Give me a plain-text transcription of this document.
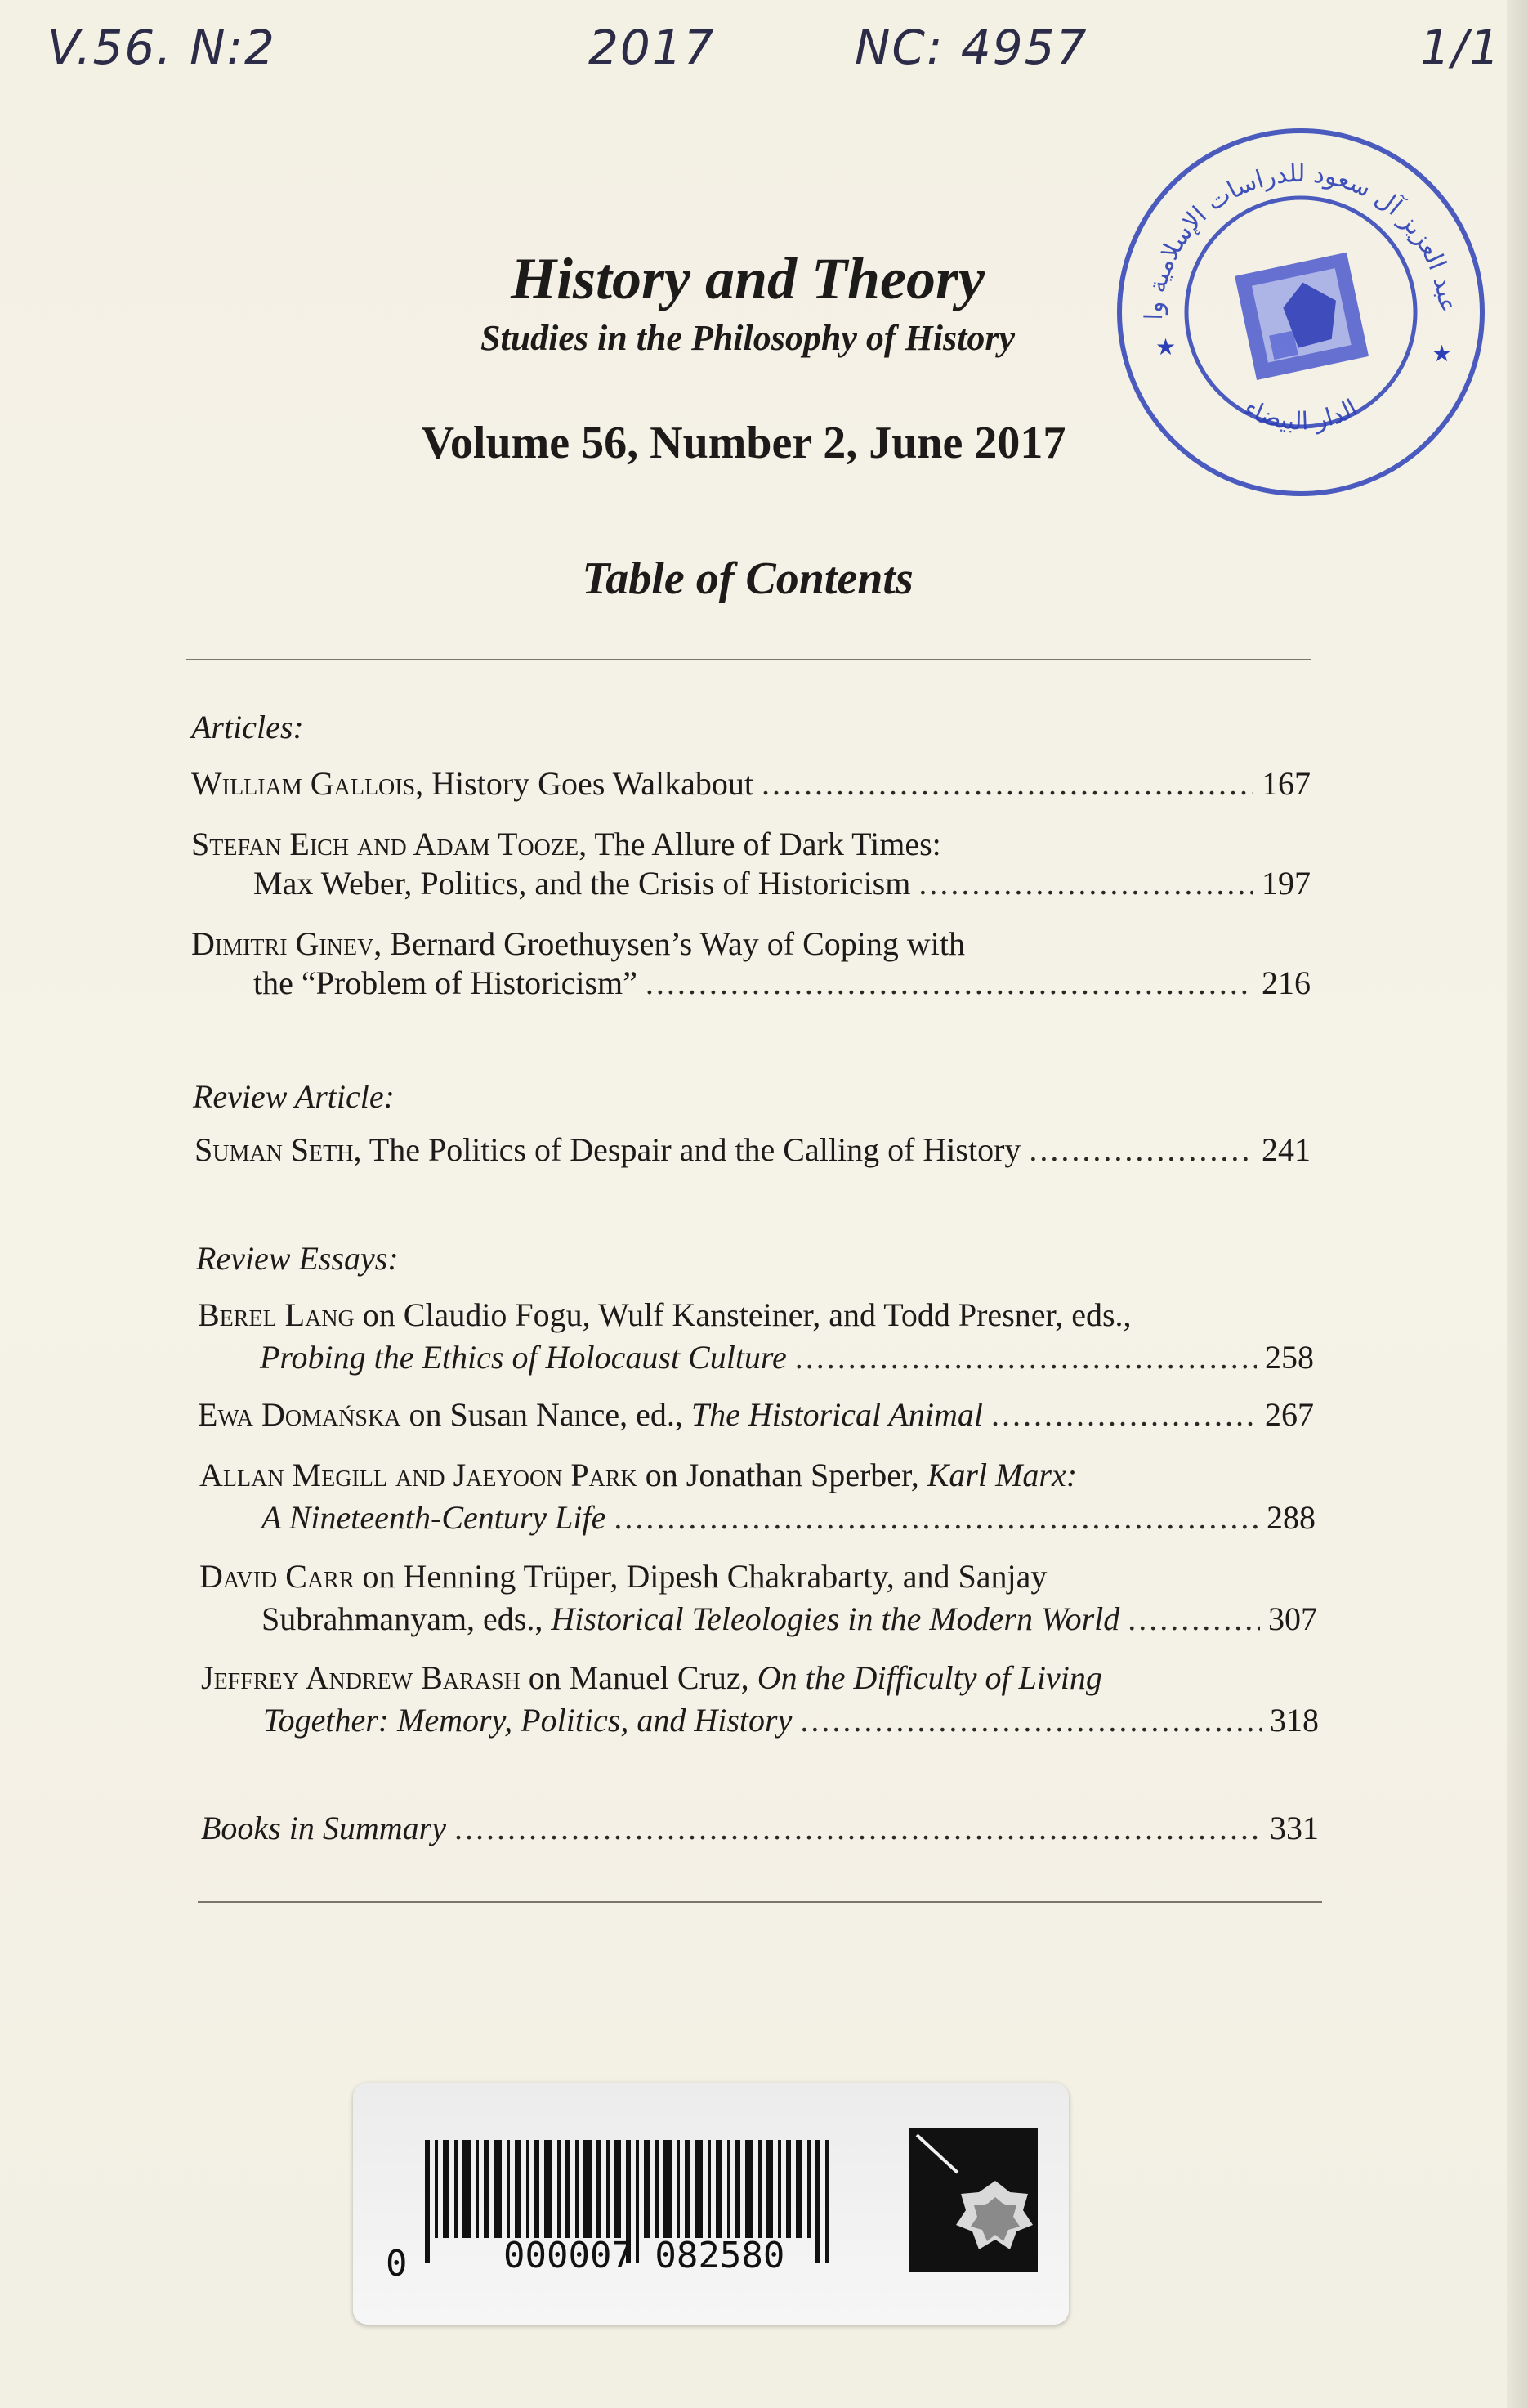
V.56. N:2	2017	NC: 4957	1/1
عبد العزيز آل سعود للدراسات الإسلامية وا
الدار البيضاء
★	★
History and Theory
Studies in the Philosophy of History
Volume 56, Number 2, June 2017
Table of Contents
Articles:
William Gallois, History Goes Walkabout .....	167
Stefan Eich and Adam Tooze, The Allure of Dark Times:
Max Weber, Politics, and the Crisis of Historicism .....	197
Dimitri Ginev, Bernard Groethuysen’s Way of Coping with
the “Problem of Historicism” .....	216
Review Article:
Suman Seth, The Politics of Despair and the Calling of History .....	241
Review Essays:
Berel Lang on Claudio Fogu, Wulf Kansteiner, and Todd Presner, eds.,
Probing the Ethics of Holocaust Culture .....	258
Ewa Domańska on Susan Nance, ed., The Historical Animal .....	267
Allan Megill and Jaeyoon Park on Jonathan Sperber, Karl Marx:
A Nineteenth-Century Life .....	288
David Carr on Henning Trüper, Dipesh Chakrabarty, and Sanjay
Subrahmanyam, eds., Historical Teleologies in the Modern World .....	307
Jeffrey Andrew Barash on Manuel Cruz, On the Difficulty of Living
Together: Memory, Politics, and History .....	318
Books in Summary .....	331
0	000007 082580
